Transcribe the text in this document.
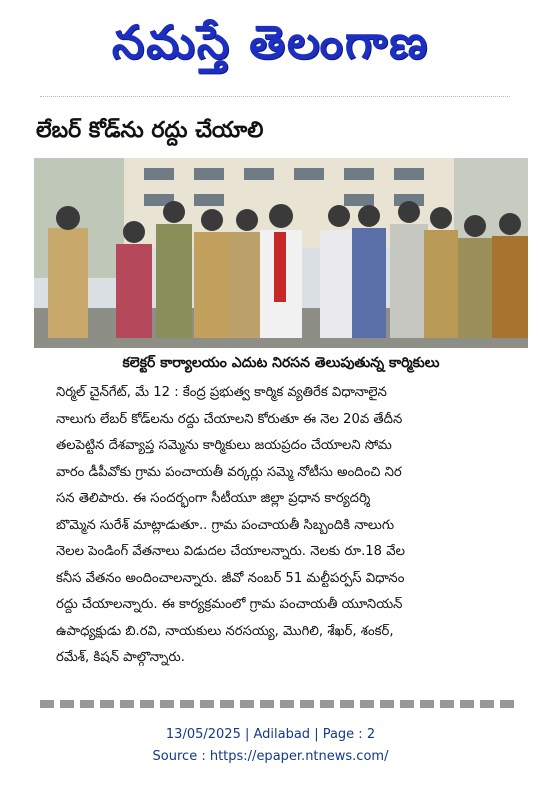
నమస్తే తెలంగాణ
లేబర్ కోడ్‌ను రద్దు చేయాలి
కలెక్టర్ కార్యాలయం ఎదుట నిరసన తెలుపుతున్న కార్మికులు
నిర్మల్ చైన్‌గేట్, మే 12 : కేంద్ర ప్రభుత్వ కార్మిక వ్యతిరేక విధానాలైన
నాలుగు లేబర్ కోడ్‌లను రద్దు చేయాలని కోరుతూ ఈ నెల 20వ తేదీన
తలపెట్టిన దేశవ్యాప్త సమ్మెను కార్మికులు జయప్రదం చేయాలని సోమ
వారం డీపీవోకు గ్రామ పంచాయతీ వర్కర్లు సమ్మె నోటీసు అందించి నిర
సన తెలిపారు. ఈ సందర్భంగా సీటీయూ జిల్లా ప్రధాన కార్యదర్శి
బొమ్మెన సురేశ్ మాట్లాడుతూ.. గ్రామ పంచాయతీ సిబ్బందికి నాలుగు
నెలల పెండింగ్ వేతనాలు విడుదల చేయాలన్నారు. నెలకు రూ.18 వేల
కనీస వేతనం అందించాలన్నారు. జీవో నంబర్ 51 మల్టీపర్పస్ విధానం
రద్దు చేయాలన్నారు. ఈ కార్యక్రమంలో గ్రామ పంచాయతీ యూనియన్
ఉపాధ్యక్షుడు బి.రవి, నాయకులు నరసయ్య, మొగిలి, శేఖర్, శంకర్,
రమేశ్, కిషన్ పాల్గొన్నారు.
13/05/2025 | Adilabad | Page : 2
Source : https://epaper.ntnews.com/
